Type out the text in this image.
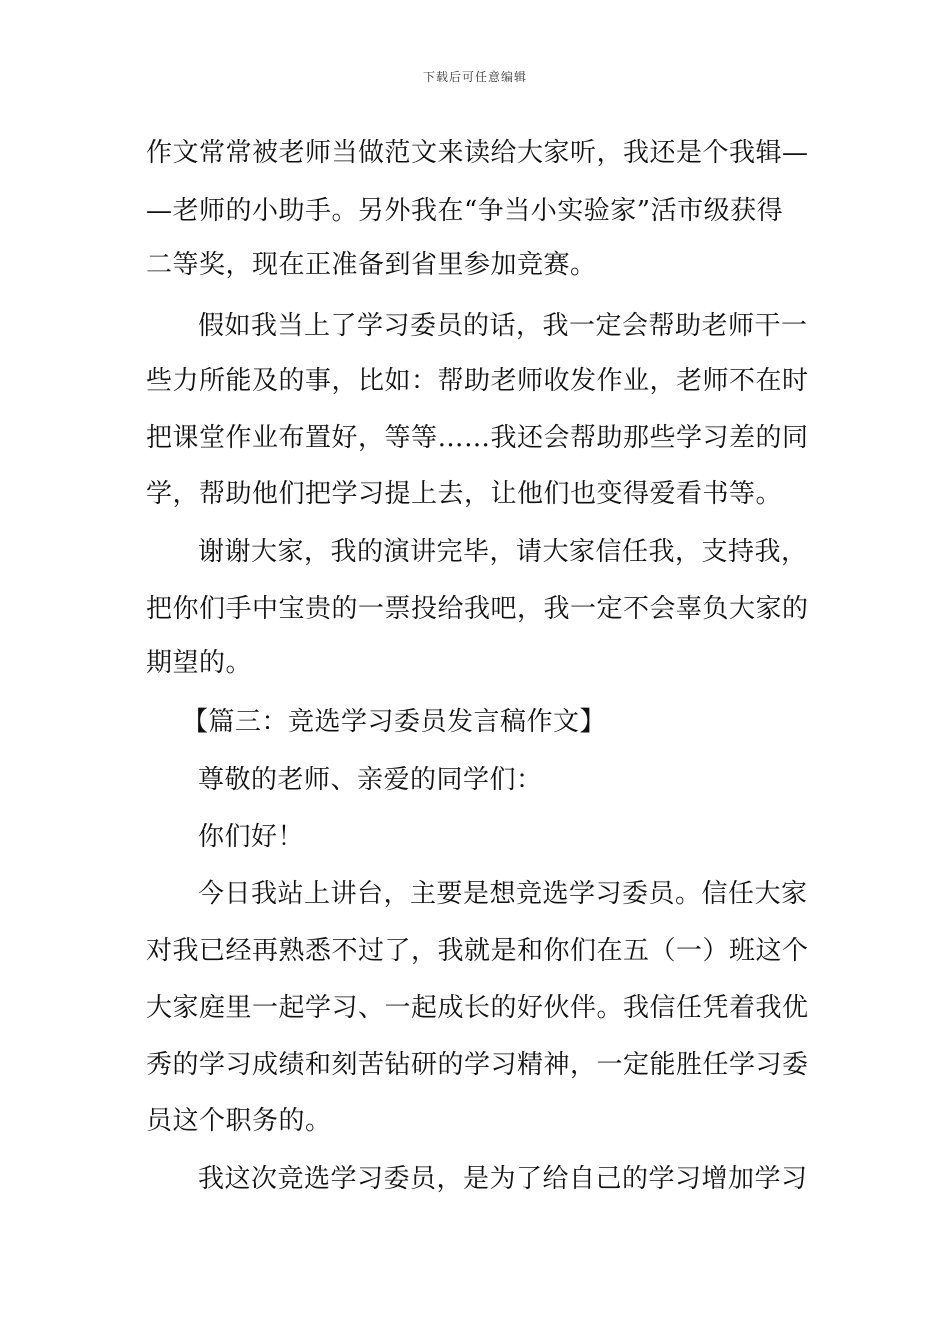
下载后可任意编辑
作文常常被老师当做范文来读给大家听，我还是个我辑—
—老师的小助手。另外我在“争当小实验家”活市级获得
二等奖，现在正准备到省里参加竞赛。
假如我当上了学习委员的话，我一定会帮助老师干一
些力所能及的事，比如：帮助老师收发作业，老师不在时
把课堂作业布置好，等等……我还会帮助那些学习差的同
学，帮助他们把学习提上去，让他们也变得爱看书等。
谢谢大家，我的演讲完毕，请大家信任我，支持我，
把你们手中宝贵的一票投给我吧，我一定不会辜负大家的
期望的。
【篇三：竞选学习委员发言稿作文】
尊敬的老师、亲爱的同学们：
你们好！
今日我站上讲台，主要是想竞选学习委员。信任大家
对我已经再熟悉不过了，我就是和你们在五（一）班这个
大家庭里一起学习、一起成长的好伙伴。我信任凭着我优
秀的学习成绩和刻苦钻研的学习精神，一定能胜任学习委
员这个职务的。
我这次竞选学习委员，是为了给自己的学习增加学习
